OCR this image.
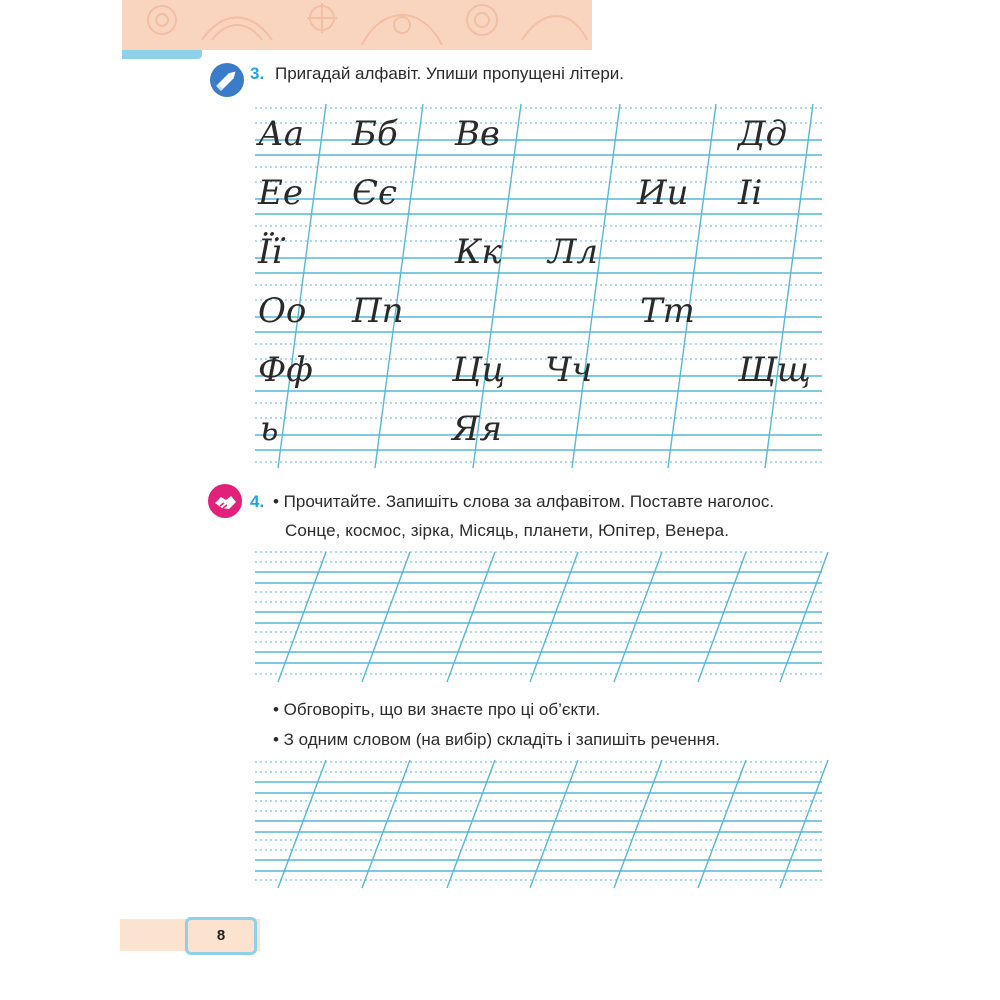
3. Пригадай алфавіт. Упиши пропущені літери.
Аа Бб Вв	Дд
Ее Єє	Ии Іі
Її	Кк Лл
Оо Пп	Тт
Фф	Цц Чч	Щщ
ь	Яя
4. • Прочитайте. Запишіть слова за алфавітом. Поставте наголос.
Сонце, космос, зірка, Місяць, планети, Юпітер, Венера.
• Обговоріть, що ви знаєте про ці об’єкти.
• З одним словом (на вибір) складіть і запишіть речення.
8
